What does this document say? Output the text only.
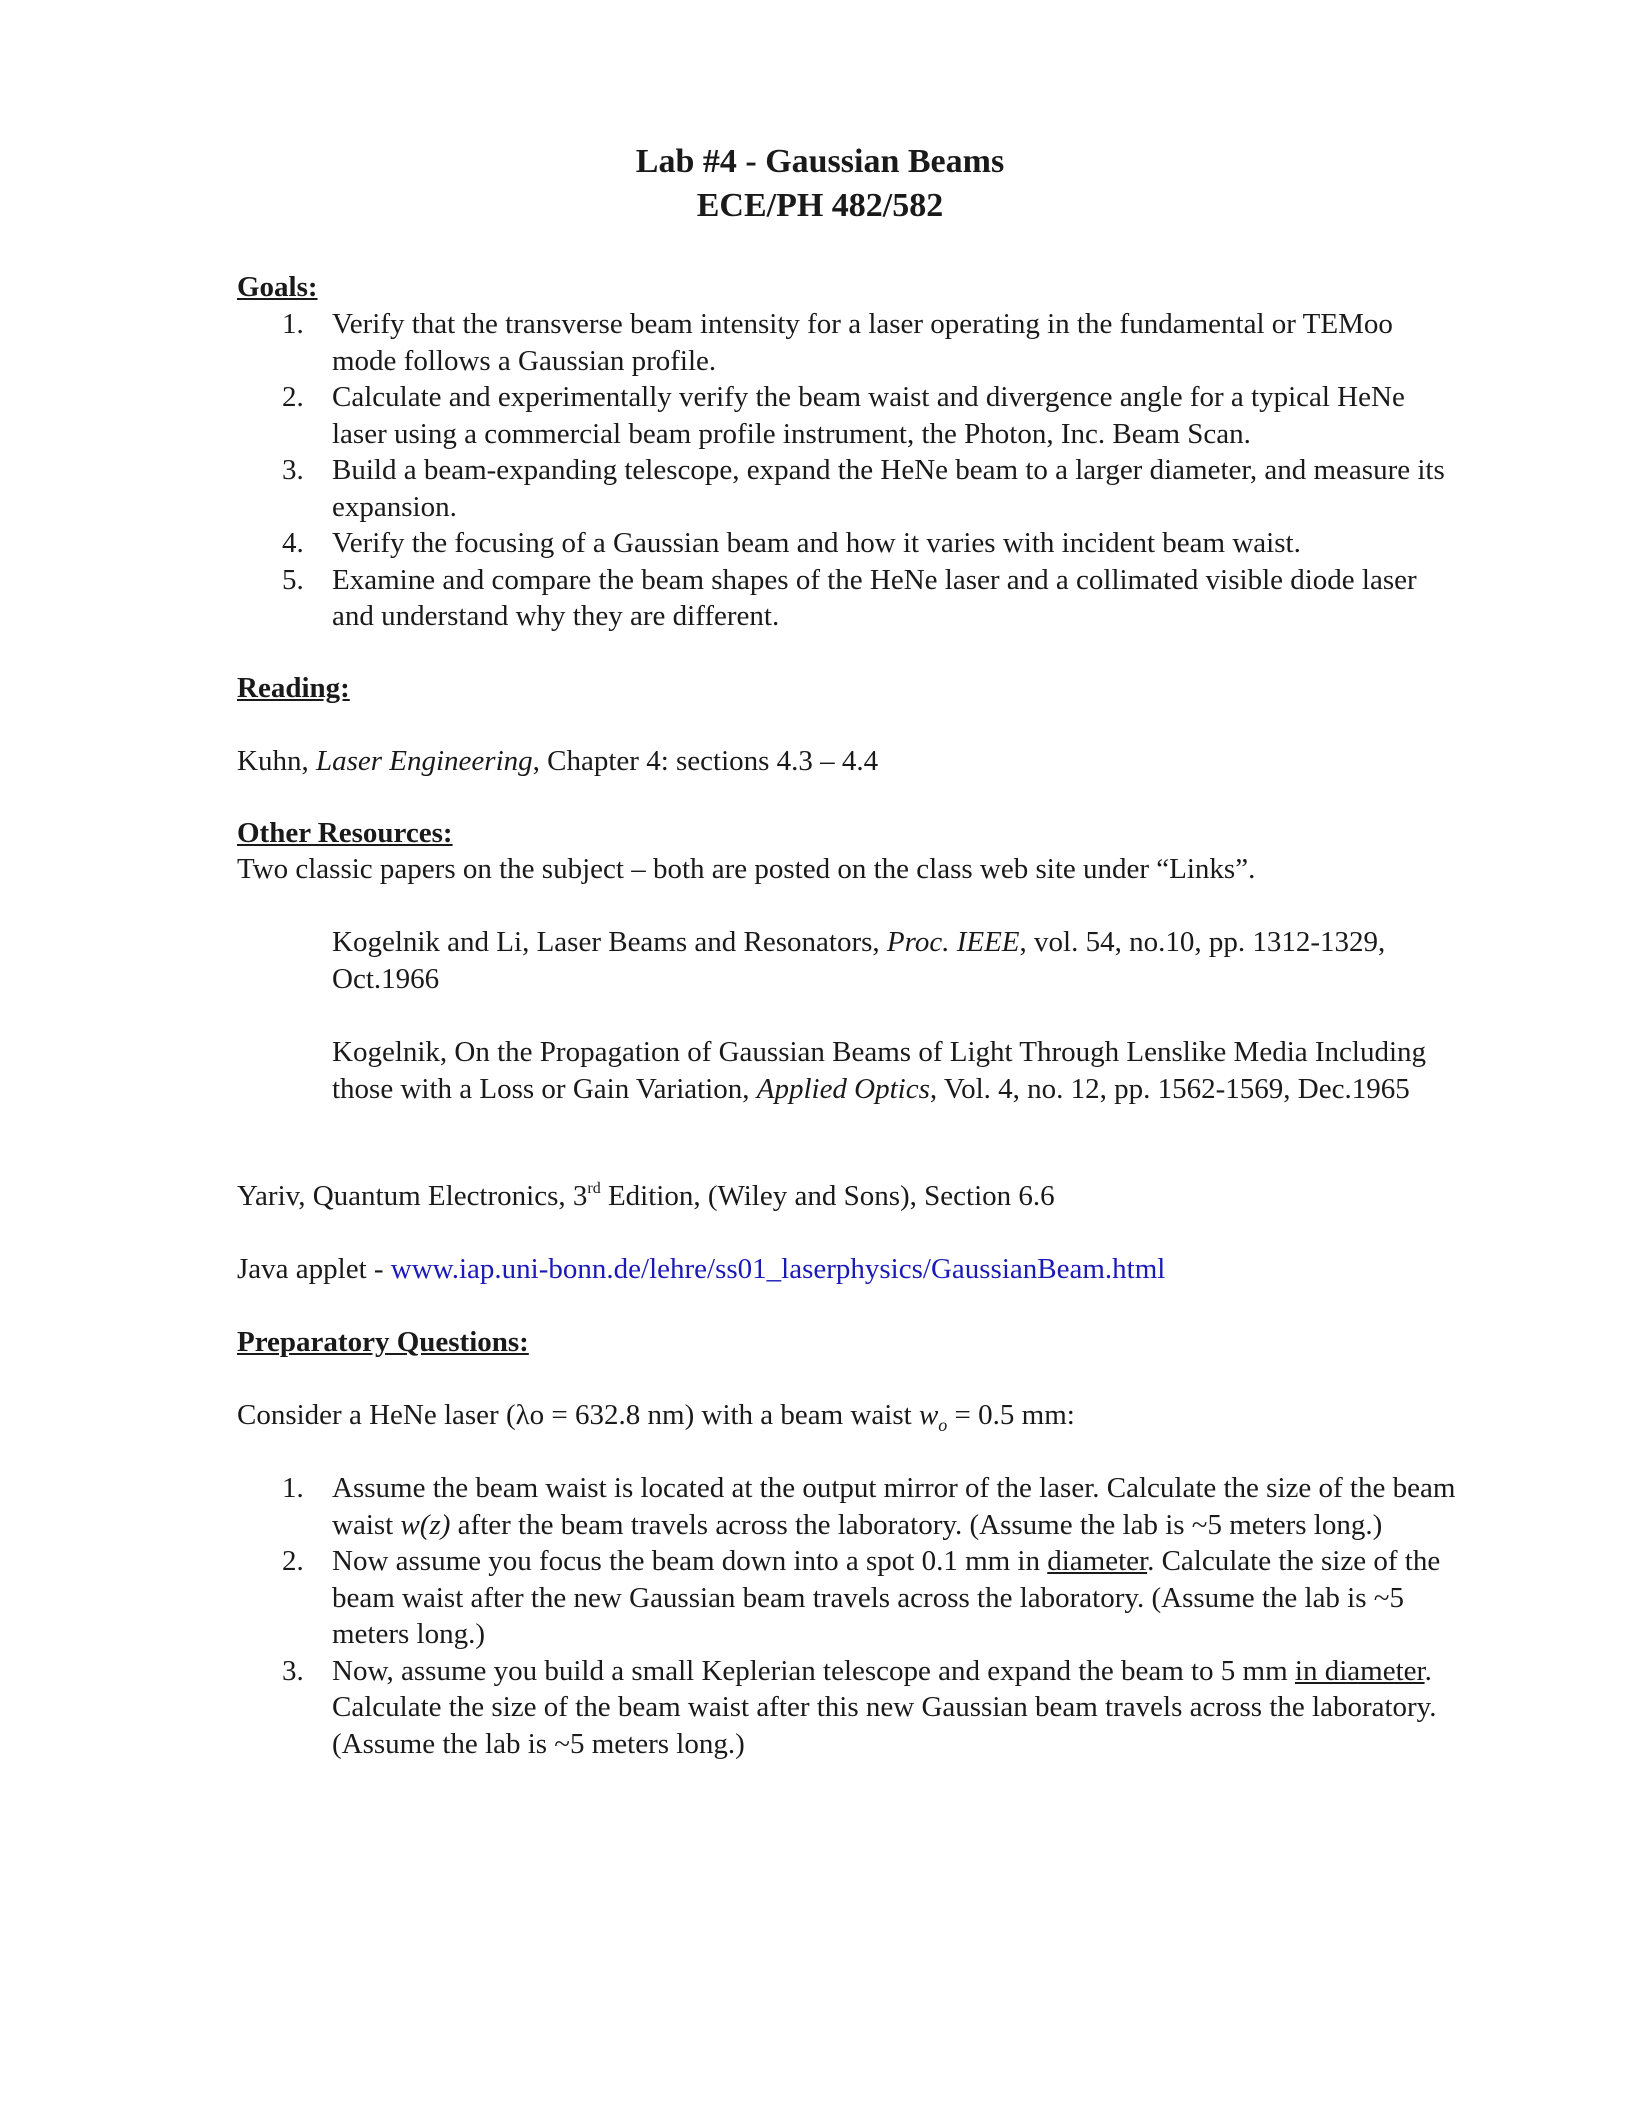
Lab #4 - Gaussian Beams
ECE/PH 482/582
Goals:
1. Verify that the transverse beam intensity for a laser operating in the fundamental or TEMoo mode follows a Gaussian profile.
2. Calculate and experimentally verify the beam waist and divergence angle for a typical HeNe laser using a commercial beam profile instrument, the Photon, Inc. Beam Scan.
3. Build a beam-expanding telescope, expand the HeNe beam to a larger diameter, and measure its expansion.
4. Verify the focusing of a Gaussian beam and how it varies with incident beam waist.
5. Examine and compare the beam shapes of the HeNe laser and a collimated visible diode laser and understand why they are different.
Reading:
Kuhn, Laser Engineering, Chapter 4: sections 4.3 – 4.4
Other Resources:
Two classic papers on the subject – both are posted on the class web site under “Links”.
Kogelnik and Li, Laser Beams and Resonators, Proc. IEEE, vol. 54, no.10, pp. 1312-1329, Oct.1966
Kogelnik, On the Propagation of Gaussian Beams of Light Through Lenslike Media Including those with a Loss or Gain Variation, Applied Optics, Vol. 4, no. 12, pp. 1562-1569, Dec.1965
Yariv, Quantum Electronics, 3rd Edition, (Wiley and Sons), Section 6.6
Java applet - www.iap.uni-bonn.de/lehre/ss01_laserphysics/GaussianBeam.html
Preparatory Questions:
Consider a HeNe laser (λo = 632.8 nm) with a beam waist $w_o = 0.5$ mm:
1. Assume the beam waist is located at the output mirror of the laser. Calculate the size of the beam waist w(z) after the beam travels across the laboratory. (Assume the lab is ~5 meters long.)
2. Now assume you focus the beam down into a spot 0.1 mm in diameter. Calculate the size of the beam waist after the new Gaussian beam travels across the laboratory. (Assume the lab is ~5 meters long.)
3. Now, assume you build a small Keplerian telescope and expand the beam to 5 mm in diameter. Calculate the size of the beam waist after this new Gaussian beam travels across the laboratory. (Assume the lab is ~5 meters long.)
